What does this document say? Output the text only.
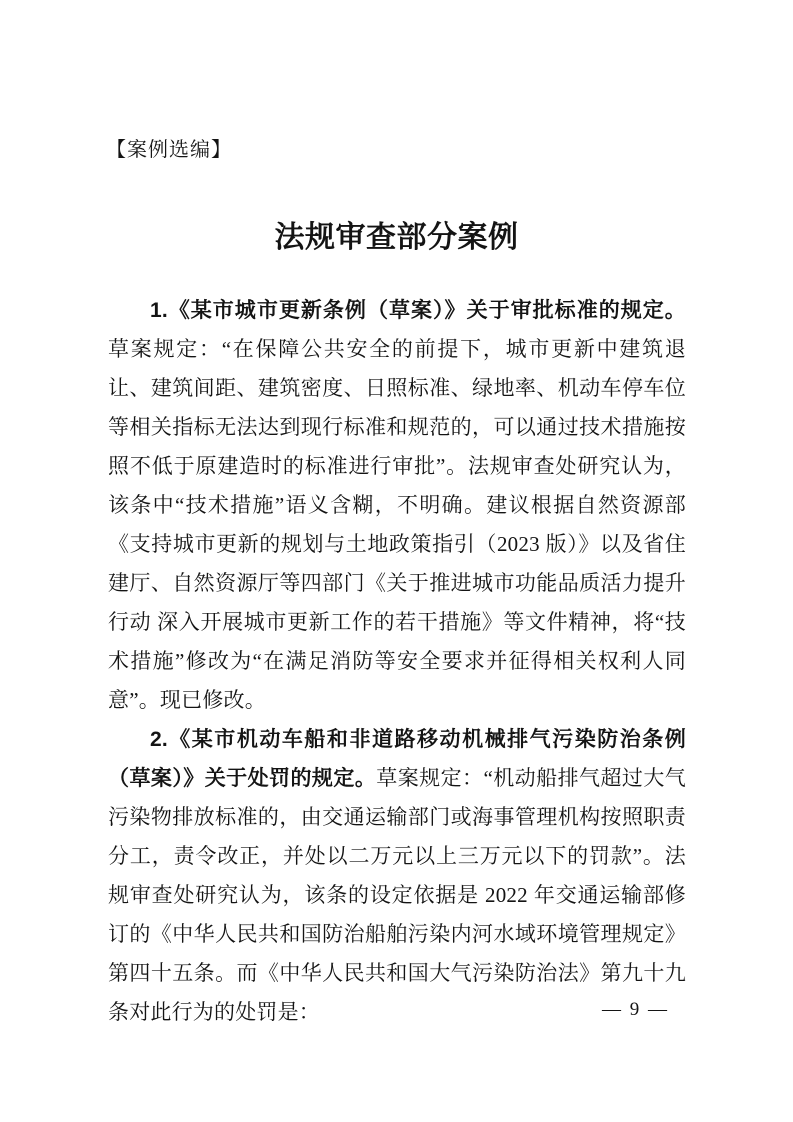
【案例选编】
法规审查部分案例

1.《某市城市更新条例（草案）》关于审批标准的规定。草案规定：“在保障公共安全的前提下，城市更新中建筑退让、建筑间距、建筑密度、日照标准、绿地率、机动车停车位等相关指标无法达到现行标准和规范的，可以通过技术措施按照不低于原建造时的标准进行审批”。法规审查处研究认为，该条中“技术措施”语义含糊，不明确。建议根据自然资源部《支持城市更新的规划与土地政策指引（2023 版）》以及省住建厅、自然资源厅等四部门《关于推进城市功能品质活力提升行动 深入开展城市更新工作的若干措施》等文件精神，将“技术措施”修改为“在满足消防等安全要求并征得相关权利人同意”。现已修改。

2.《某市机动车船和非道路移动机械排气污染防治条例（草案）》关于处罚的规定。草案规定：“机动船排气超过大气污染物排放标准的，由交通运输部门或海事管理机构按照职责分工，责令改正，并处以二万元以上三万元以下的罚款”。法规审查处研究认为，该条的设定依据是 2022 年交通运输部修订的《中华人民共和国防治船舶污染内河水域环境管理规定》第四十五条。而《中华人民共和国大气污染防治法》第九十九条对此行为的处罚是：	— 9 —
